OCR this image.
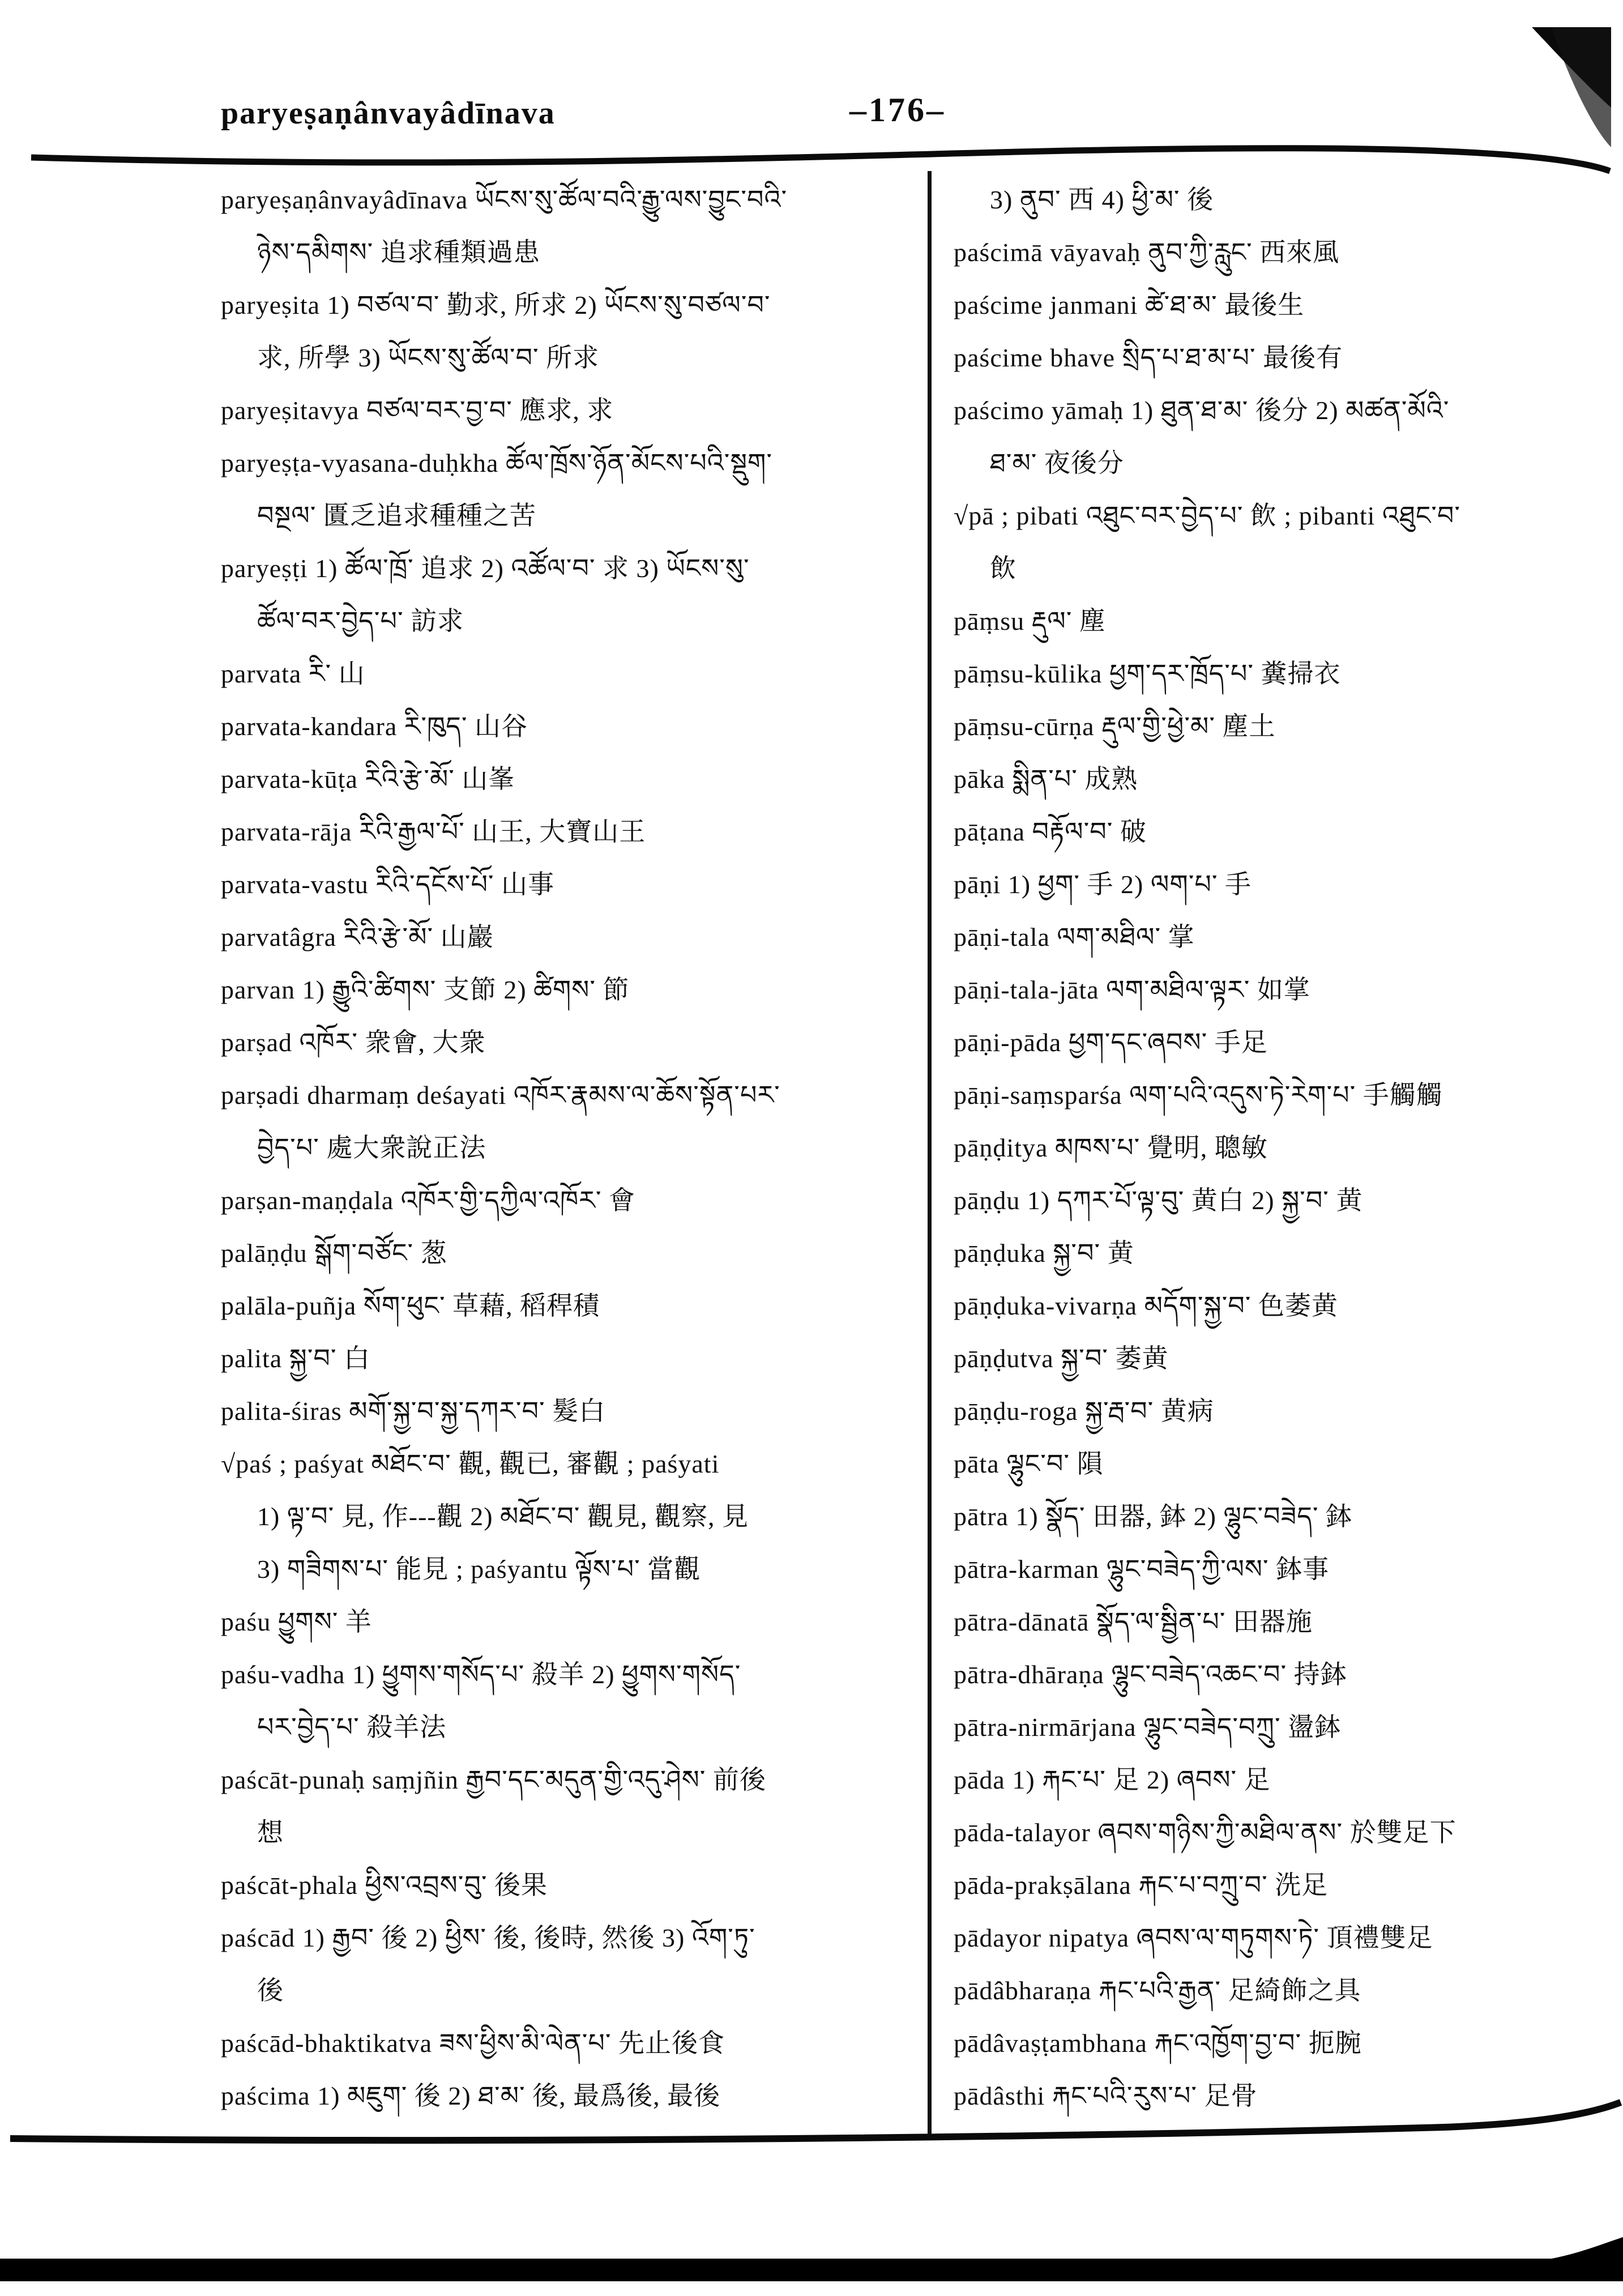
paryeṣaṇânvayâdīnava	–176–
paryeṣaṇânvayâdīnava ཡོངས་སུ་ཚོལ་བའི་རྒྱུ་ལས་བྱུང་བའི་
ཉེས་དམིགས་ 追求種類過患
paryeṣita 1) བཙལ་བ་ 勤求, 所求 2) ཡོངས་སུ་བཙལ་བ་
求, 所學 3) ཡོངས་སུ་ཚོལ་བ་ 所求
paryeṣitavya བཙལ་བར་བྱ་བ་ 應求, 求
paryeṣṭa-vyasana-duḥkha ཚོལ་ཁྲོས་ཉོན་མོངས་པའི་སྡུག་
བསྔལ་ 匱乏追求種種之苦
paryeṣṭi 1) ཚོལ་ཁྲོ་ 追求 2) འཚོལ་བ་ 求 3) ཡོངས་སུ་
ཚོལ་བར་བྱེད་པ་ 訪求
parvata རི་ 山
parvata-kandara རི་ཁུད་ 山谷
parvata-kūṭa རིའི་རྩེ་མོ་ 山峯
parvata-rāja རིའི་རྒྱལ་པོ་ 山王, 大寶山王
parvata-vastu རིའི་དངོས་པོ་ 山事
parvatâgra རིའི་རྩེ་མོ་ 山巖
parvan 1) རྒྱུའི་ཚིགས་ 支節 2) ཚིགས་ 節
parṣad འཁོར་ 衆會, 大衆
parṣadi dharmaṃ deśayati འཁོར་རྣམས་ལ་ཆོས་སྟོན་པར་
བྱེད་པ་ 處大衆說正法
parṣan-maṇḍala འཁོར་གྱི་དཀྱིལ་འཁོར་ 會
palāṇḍu སྒོག་བཙོང་ 葱
palāla-puñja སོག་ཕུང་ 草藉, 稻稈積
palita སྐྱ་བ་ 白
palita-śiras མགོ་སྐྱ་བ་སྐྱ་དཀར་བ་ 髮白
√paś ; paśyat མཐོང་བ་ 觀, 觀已, 審觀 ; paśyati
1) ལྟ་བ་ 見, 作---觀 2) མཐོང་བ་ 觀見, 觀察, 見
3) གཟིགས་པ་ 能見 ; paśyantu ལྟོས་པ་ 當觀
paśu ཕྱུགས་ 羊
paśu-vadha 1) ཕྱུགས་གསོད་པ་ 殺羊 2) ཕྱུགས་གསོད་
པར་བྱེད་པ་ 殺羊法
paścāt-punaḥ saṃjñin རྒྱབ་དང་མདུན་གྱི་འདུ་ཤེས་ 前後
想
paścāt-phala ཕྱིས་འབྲས་བུ་ 後果
paścād 1) རྒྱབ་ 後 2) ཕྱིས་ 後, 後時, 然後 3) འོག་ཏུ་
後
paścād-bhaktikatva ཟས་ཕྱིས་མི་ལེན་པ་ 先止後食
paścima 1) མཇུག་ 後 2) ཐ་མ་ 後, 最爲後, 最後
3) ནུབ་ 西 4) ཕྱི་མ་ 後
paścimā vāyavaḥ ནུབ་ཀྱི་རླུང་ 西來風
paścime janmani ཚེ་ཐ་མ་ 最後生
paścime bhave སྲིད་པ་ཐ་མ་པ་ 最後有
paścimo yāmaḥ 1) ཐུན་ཐ་མ་ 後分 2) མཚན་མོའི་
ཐ་མ་ 夜後分
√pā ; pibati འཐུང་བར་བྱེད་པ་ 飲 ; pibanti འཐུང་བ་
飲
pāṃsu རྡུལ་ 塵
pāṃsu-kūlika ཕྱག་དར་ཁྲོད་པ་ 糞掃衣
pāṃsu-cūrṇa རྡུལ་གྱི་ཕྱེ་མ་ 塵土
pāka སྨིན་པ་ 成熟
pāṭana བརྟོལ་བ་ 破
pāṇi 1) ཕྱག་ 手 2) ལག་པ་ 手
pāṇi-tala ལག་མཐིལ་ 掌
pāṇi-tala-jāta ལག་མཐིལ་ལྟར་ 如掌
pāṇi-pāda ཕྱག་དང་ཞབས་ 手足
pāṇi-saṃsparśa ལག་པའི་འདུས་ཏེ་རེག་པ་ 手觸觸
pāṇḍitya མཁས་པ་ 覺明, 聰敏
pāṇḍu 1) དཀར་པོ་ལྟ་བུ་ 黄白 2) སྐྱ་བ་ 黄
pāṇḍuka སྐྱ་བ་ 黄
pāṇḍuka-vivarṇa མདོག་སྐྱ་བ་ 色萎黄
pāṇḍutva སྐྱ་བ་ 萎黄
pāṇḍu-roga སྐྱ་རྦ་བ་ 黄病
pāta ལྷུང་བ་ 隕
pātra 1) སྣོད་ 田器, 鉢 2) ལྷུང་བཟེད་ 鉢
pātra-karman ལྷུང་བཟེད་ཀྱི་ལས་ 鉢事
pātra-dānatā སྣོད་ལ་སྦྱིན་པ་ 田器施
pātra-dhāraṇa ལྷུང་བཟེད་འཆང་བ་ 持鉢
pātra-nirmārjana ལྷུང་བཟེད་བཀྲུ་ 盪鉢
pāda 1) རྐང་པ་ 足 2) ཞབས་ 足
pāda-talayor ཞབས་གཉིས་ཀྱི་མཐིལ་ནས་ 於雙足下
pāda-prakṣālana རྐང་པ་བཀྲུ་བ་ 洗足
pādayor nipatya ཞབས་ལ་གཏུགས་ཏེ་ 頂禮雙足
pādâbharaṇa རྐང་པའི་རྒྱན་ 足綺飾之具
pādâvaṣṭambhana རྐང་འཁྱོག་བྱ་བ་ 扼腕
pādâsthi རྐང་པའི་རུས་པ་ 足骨
